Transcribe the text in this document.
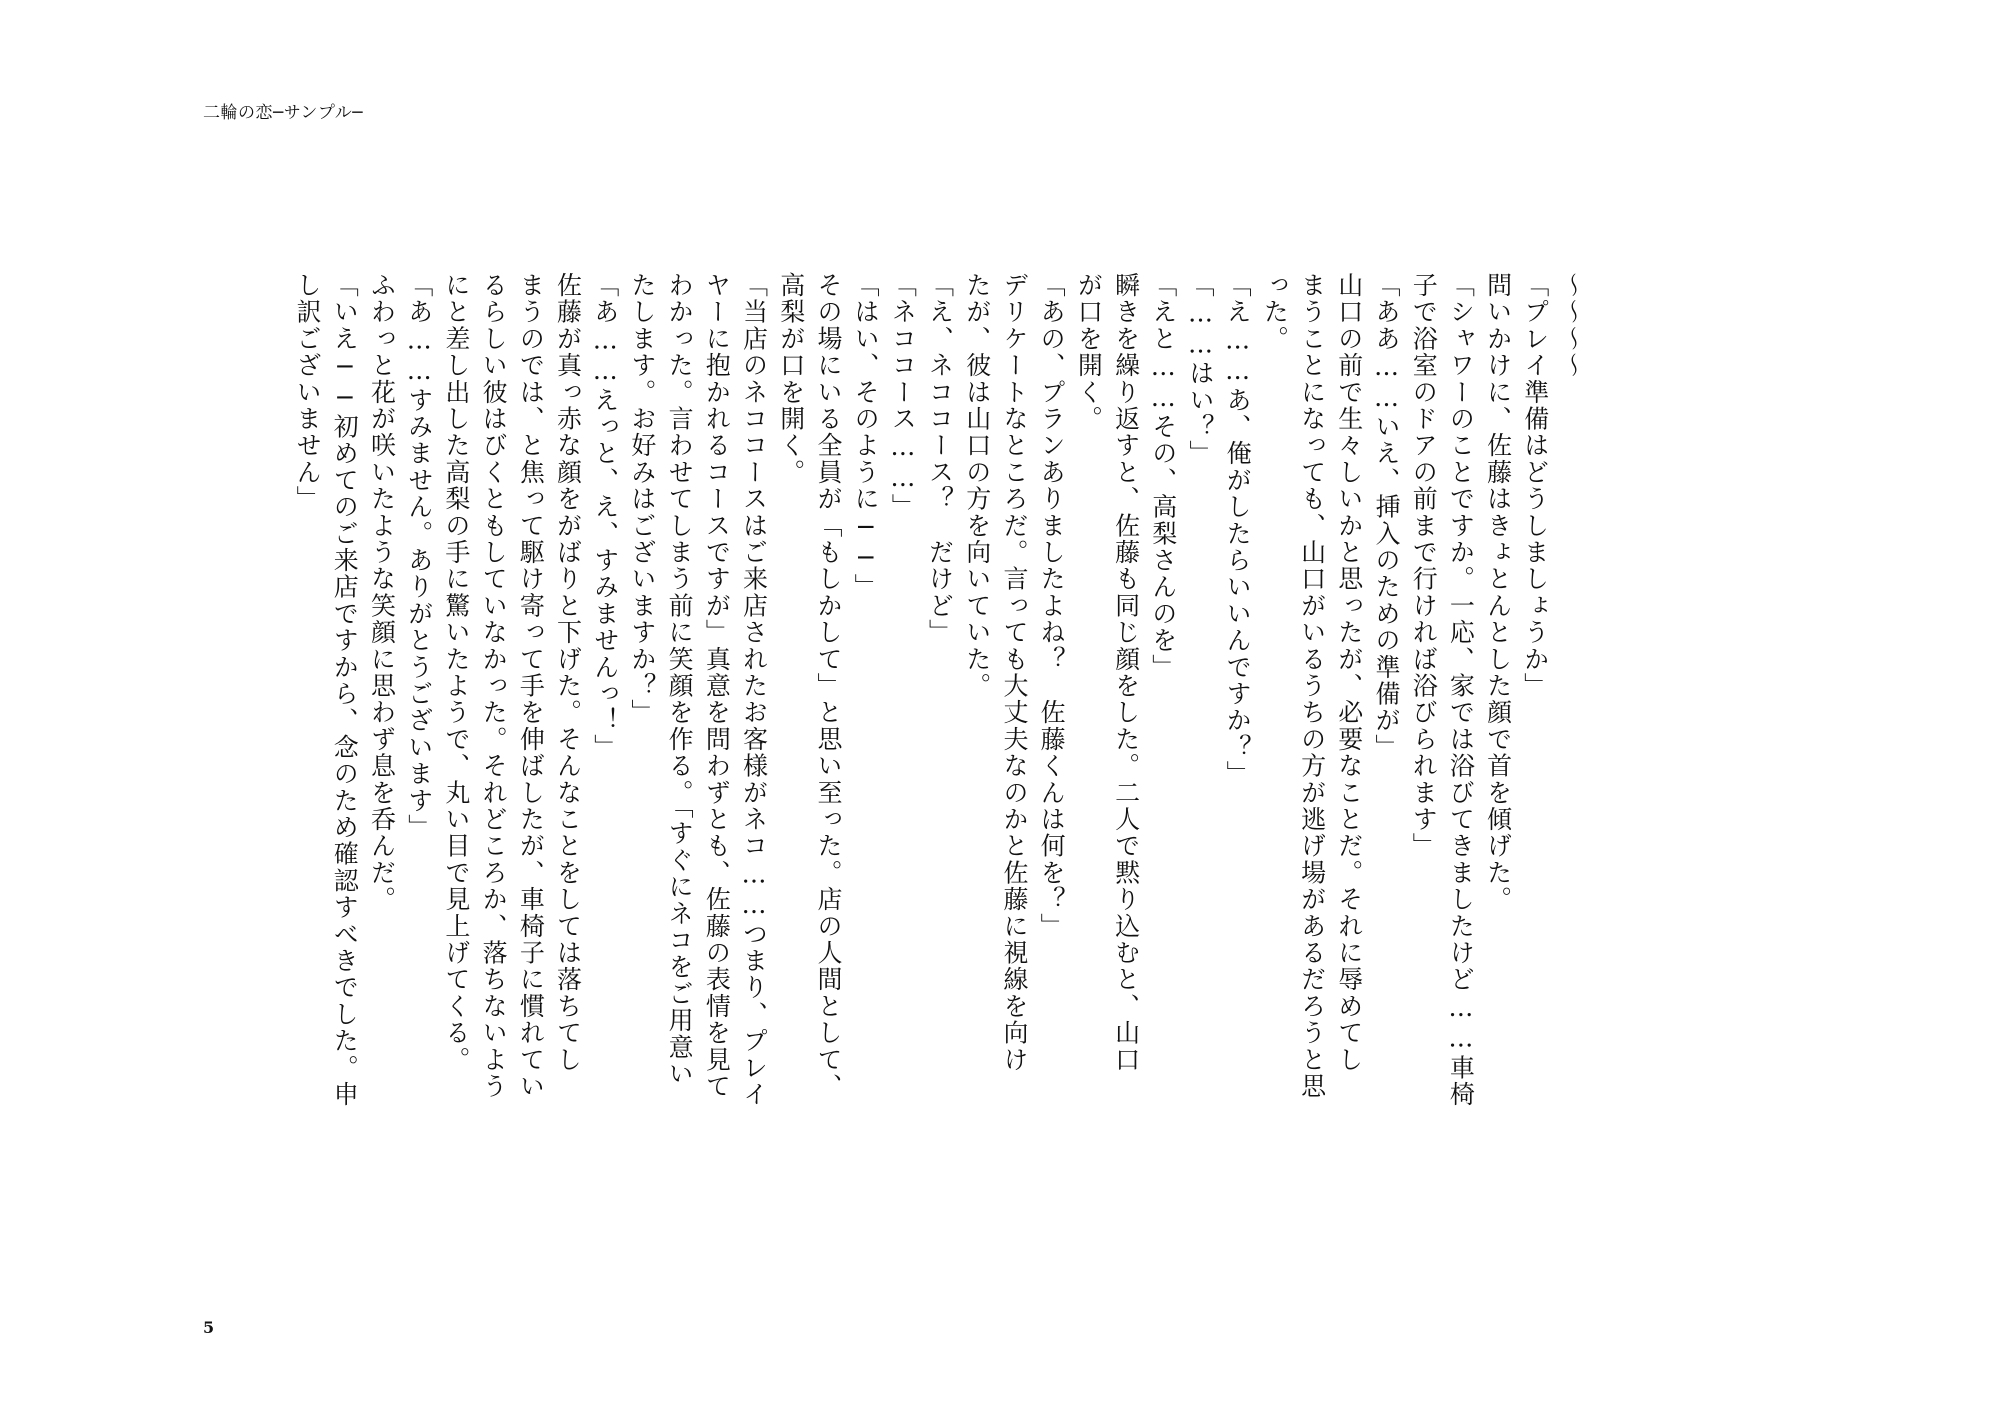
二輪の恋─サンプル─

〜〜〜〜

「プレイ準備はどうしましょうか」

問いかけに、佐藤はきょとんとした顔で首を傾げた。

「シャワーのことですか。一応、家では浴びてきましたけど……車椅

子で浴室のドアの前まで行ければ浴びられます」

「ああ……いえ、挿入のための準備が」

山口の前で生々しいかと思ったが、必要なことだ。それに辱めてし

まうことになっても、山口がいるうちの方が逃げ場があるだろうと思

った。

「え……あ、俺がしたらいいんですか？」

「……はい？」

「えと……その、高梨さんのを」

瞬きを繰り返すと、佐藤も同じ顔をした。二人で黙り込むと、山口

が口を開く。

「あの、プランありましたよね？　佐藤くんは何を？」

デリケートなところだ。言っても大丈夫なのかと佐藤に視線を向け

たが、彼は山口の方を向いていた。

「え、ネココース？　だけど」

「ネココース……」

「はい、そのように──」

その場にいる全員が「もしかして」と思い至った。店の人間として、

高梨が口を開く。

「当店のネココースはご来店されたお客様がネコ……つまり、プレイ

ヤーに抱かれるコースですが」真意を問わずとも、佐藤の表情を見て

わかった。言わせてしまう前に笑顔を作る。「すぐにネコをご用意い

たします。お好みはございますか？」

「あ……えっと、え、すみませんっ！」

佐藤が真っ赤な顔をがばりと下げた。そんなことをしては落ちてし

まうのでは、と焦って駆け寄って手を伸ばしたが、車椅子に慣れてい

るらしい彼はびくともしていなかった。それどころか、落ちないよう

にと差し出した高梨の手に驚いたようで、丸い目で見上げてくる。

「あ……すみません。ありがとうございます」

ふわっと花が咲いたような笑顔に思わず息を呑んだ。

「いえ──初めてのご来店ですから、念のため確認すべきでした。申

し訳ございません」

5
